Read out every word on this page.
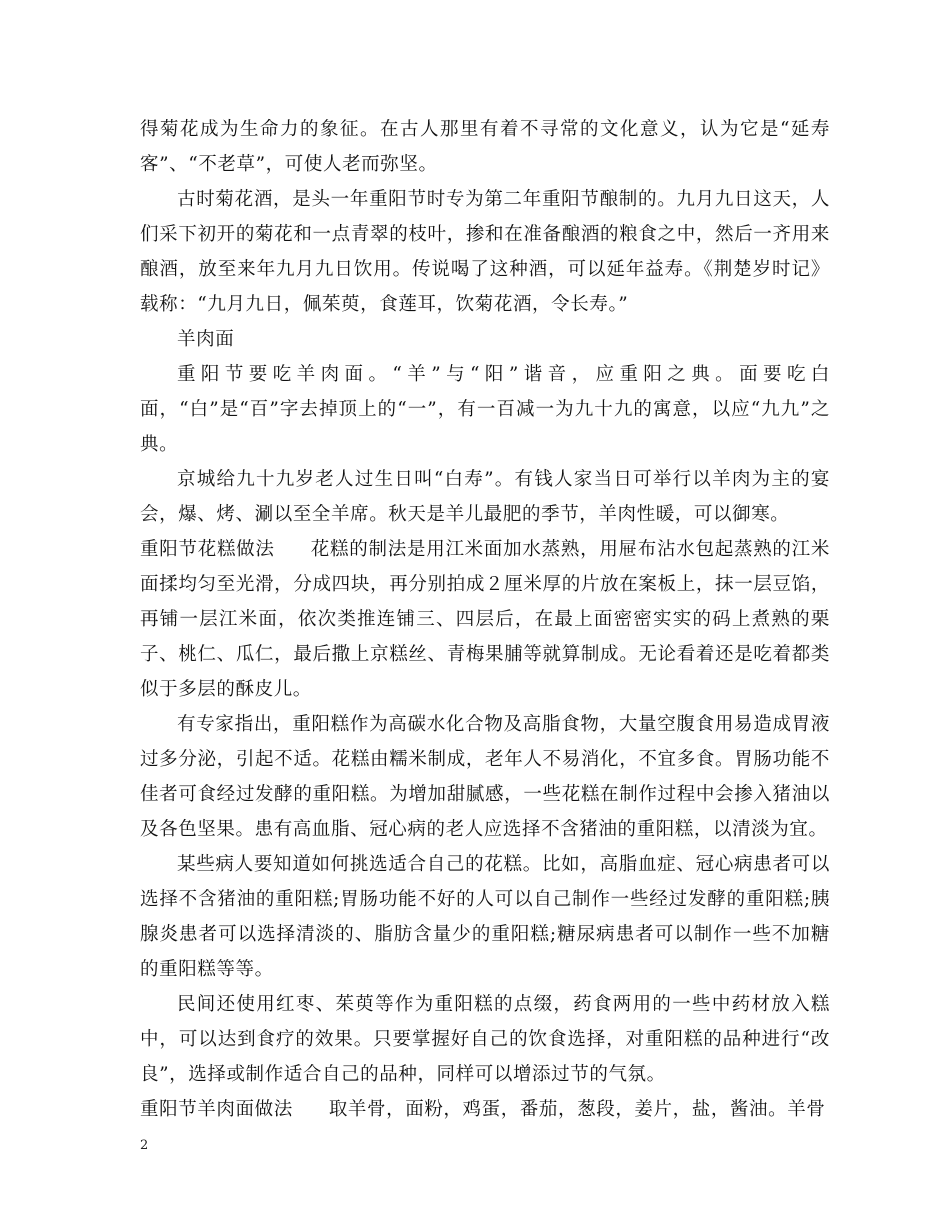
得菊花成为生命力的象征。在古人那里有着不寻常的文化意义，认为它是“延寿客”、“不老草”，可使人老而弥坚。

古时菊花酒，是头一年重阳节时专为第二年重阳节酿制的。九月九日这天，人们采下初开的菊花和一点青翠的枝叶，掺和在准备酿酒的粮食之中，然后一齐用来酿酒，放至来年九月九日饮用。传说喝了这种酒，可以延年益寿。《荆楚岁时记》载称：“九月九日，佩茱萸，食莲耳，饮菊花酒，令长寿。”

羊肉面

重阳节要吃羊肉面。“羊”与“阳”谐音，应重阳之典。面要吃白面，“白”是“百”字去掉顶上的“一”，有一百减一为九十九的寓意，以应“九九”之典。

京城给九十九岁老人过生日叫“白寿”。有钱人家当日可举行以羊肉为主的宴会，爆、烤、涮以至全羊席。秋天是羊儿最肥的季节，羊肉性暖，可以御寒。

重阳节花糕做法 花糕的制法是用江米面加水蒸熟，用屉布沾水包起蒸熟的江米面揉均匀至光滑，分成四块，再分别拍成２厘米厚的片放在案板上，抹一层豆馅，再铺一层江米面，依次类推连铺三、四层后，在最上面密密实实的码上煮熟的栗子、桃仁、瓜仁，最后撒上京糕丝、青梅果脯等就算制成。无论看着还是吃着都类似于多层的酥皮儿。

有专家指出，重阳糕作为高碳水化合物及高脂食物，大量空腹食用易造成胃液过多分泌，引起不适。花糕由糯米制成，老年人不易消化，不宜多食。胃肠功能不佳者可食经过发酵的重阳糕。为增加甜腻感，一些花糕在制作过程中会掺入猪油以及各色坚果。患有高血脂、冠心病的老人应选择不含猪油的重阳糕，以清淡为宜。

某些病人要知道如何挑选适合自己的花糕。比如，高脂血症、冠心病患者可以选择不含猪油的重阳糕;胃肠功能不好的人可以自己制作一些经过发酵的重阳糕;胰腺炎患者可以选择清淡的、脂肪含量少的重阳糕;糖尿病患者可以制作一些不加糖的重阳糕等等。

民间还使用红枣、茱萸等作为重阳糕的点缀，药食两用的一些中药材放入糕中，可以达到食疗的效果。只要掌握好自己的饮食选择，对重阳糕的品种进行“改良”，选择或制作适合自己的品种，同样可以增添过节的气氛。

重阳节羊肉面做法 取羊骨，面粉，鸡蛋，番茄，葱段，姜片，盐，酱油。羊骨

2
